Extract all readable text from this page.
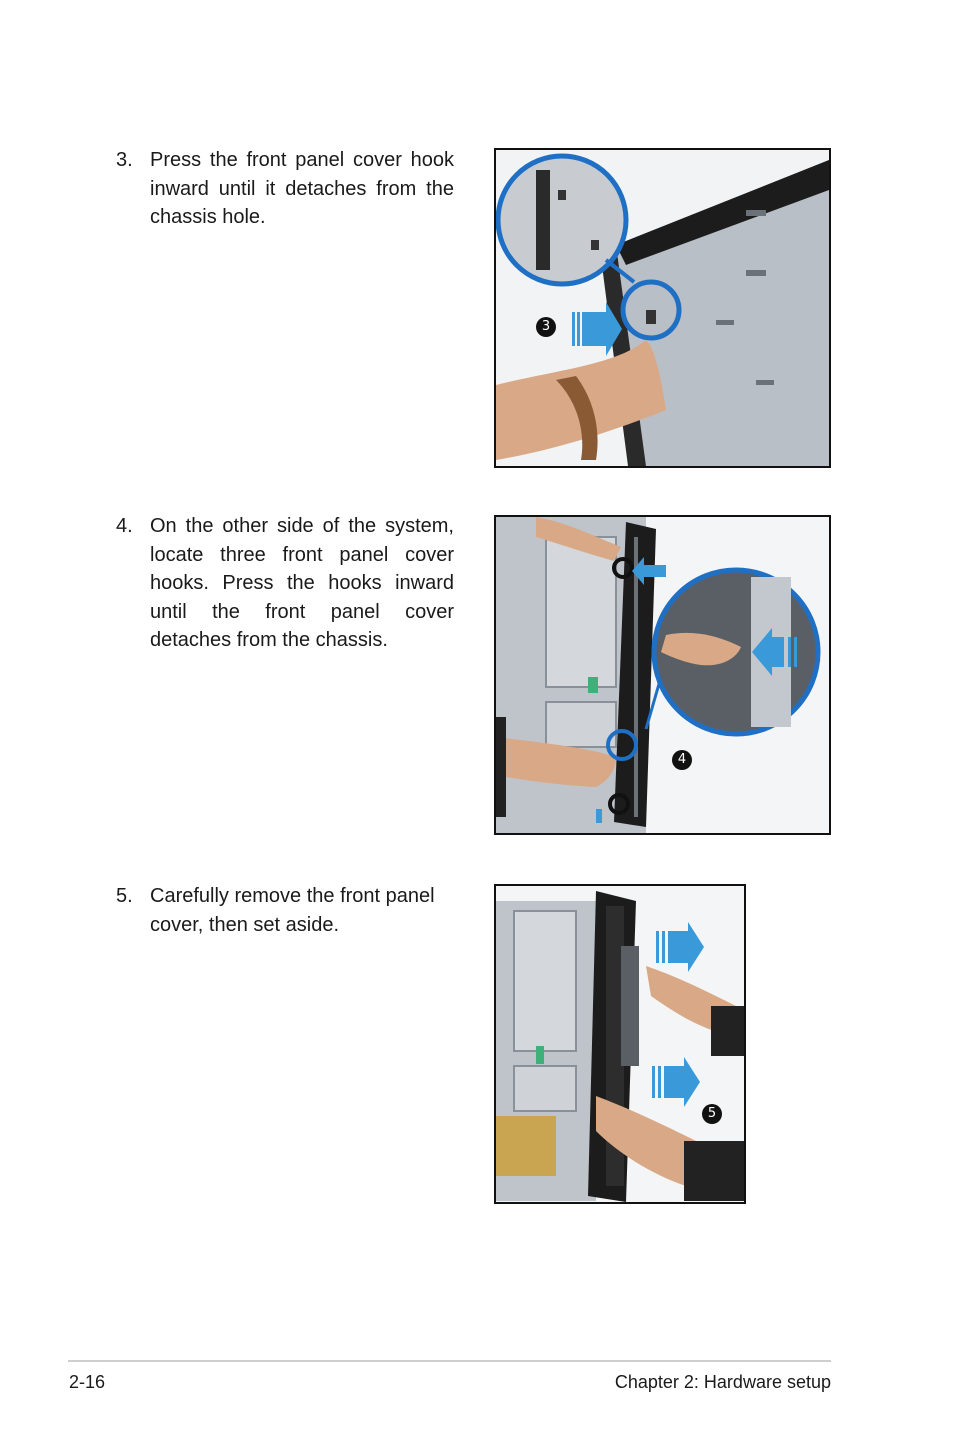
3. Press the front panel cover hook inward until it detaches from the chassis hole.
3
4. On the other side of the system, locate three front panel cover hooks. Press the hooks inward until the front panel cover detaches from the chassis.
4
5. Carefully remove the front panel cover, then set aside.
5
2-16	Chapter 2: Hardware setup
